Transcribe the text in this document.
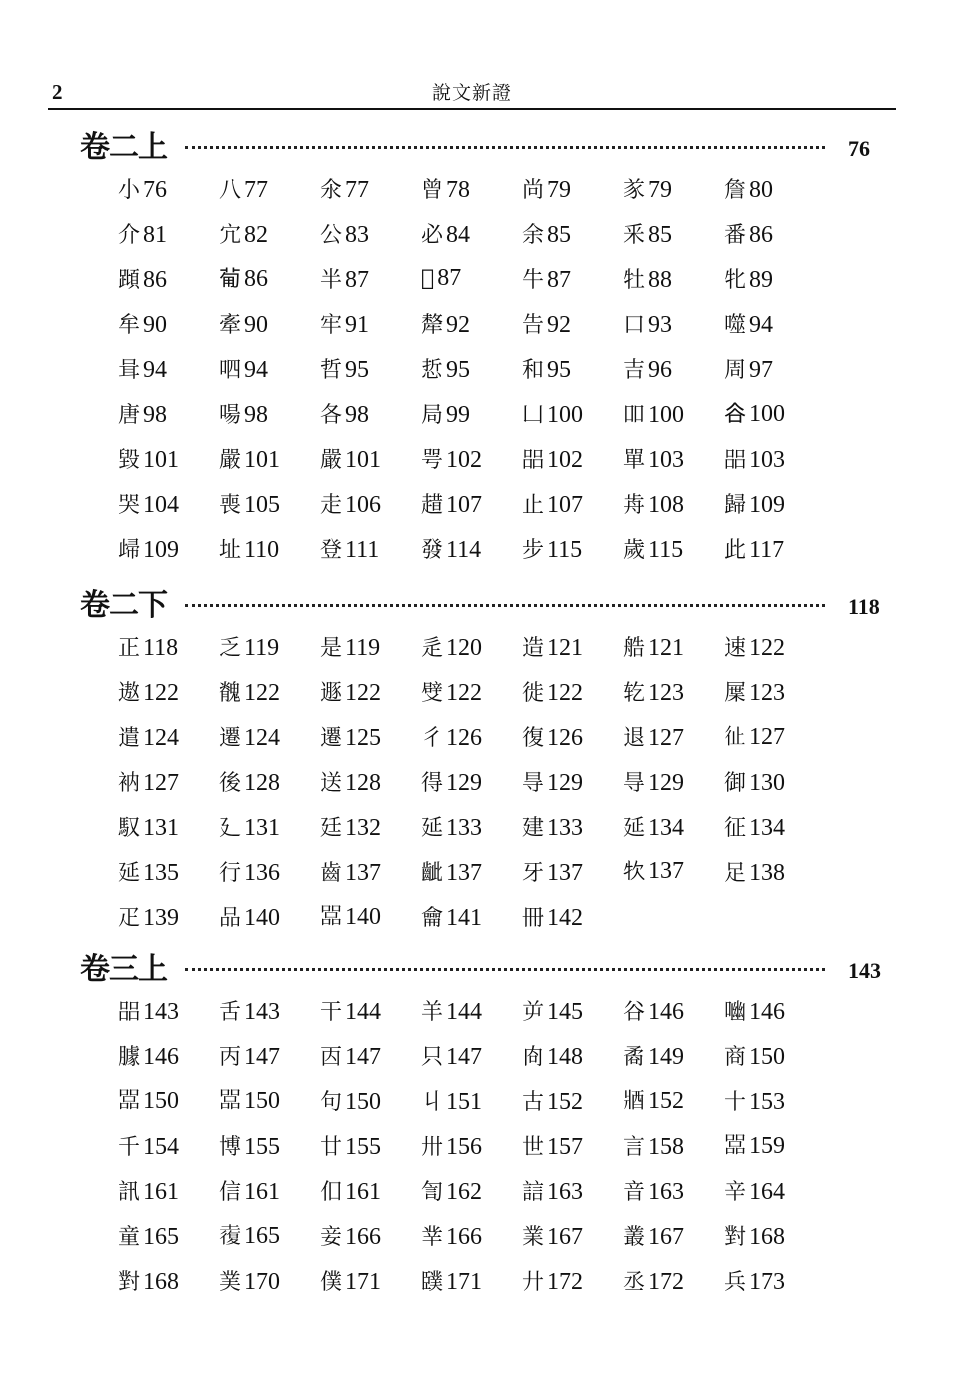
2	說文新證
卷二上	76
小 76	八 77	氽 77	曾 78	尚 79	㒸 79	詹 80
介 81	宂 82	公 83	必 84	余 85	釆 85	番 86
蹞 86	𤰈 86	半 87	𠦌 87	牛 87	牡 88	牝 89
牟 90	牽 90	牢 91	犛 92	告 92	口 93	噬 94
咠 94	呬 94	哲 95	悊 95	和 95	吉 96	周 97
唐 98	啺 98	各 98	局 99	凵 100	吅 100	𧮫 100
毀 101	嚴 101	嚴 101	咢 102	㗊 102	單 103	㗊 103
哭 104	喪 105	走 106	趞 107	止 107	歬 108	歸 109
㱕 109	址 110	登 111	發 114	步 115	歲 115	此 117
卷二下	118
正 118	乏 119	是 119	辵 120	造 121	艁 121	速 122
遨 122	䰪 122	遯 122	䢃 122	徙 122	䢀 123	屟 123
遣 124	遷 124	遷 125	彳 126	復 126	退 127	𢓊 127
衲 127	後 128	送 128	得 129	㝵 129	㝵 129	御 130
馭 131	廴 131	廷 132	延 133	建 133	延 134	征 134
延 135	行 136	齒 137	齜 137	牙 137	𤘯 137	足 138
疋 139	品 140	𠾅 140	龠 141	冊 142
卷三上	143
㗊 143	舌 143	干 144	羊 144	屰 145	谷 146	㗀 146
臄 146	丙 147	㐁 147	只 147	㕯 148	矞 149	商 150
𠾅 150	𠾅 150	句 150	丩 151	古 152	𨟻 152	十 153
千 154	博 155	廿 155	卅 156	世 157	言 158	𠾅 159
訊 161	信 161	㐰 161	訇 162	誩 163	音 163	辛 164
童 165	𡑉 165	妾 166	丵 166	業 167	叢 167	對 168
對 168	菐 170	僕 171	䑑 171	廾 172	丞 172	兵 173
